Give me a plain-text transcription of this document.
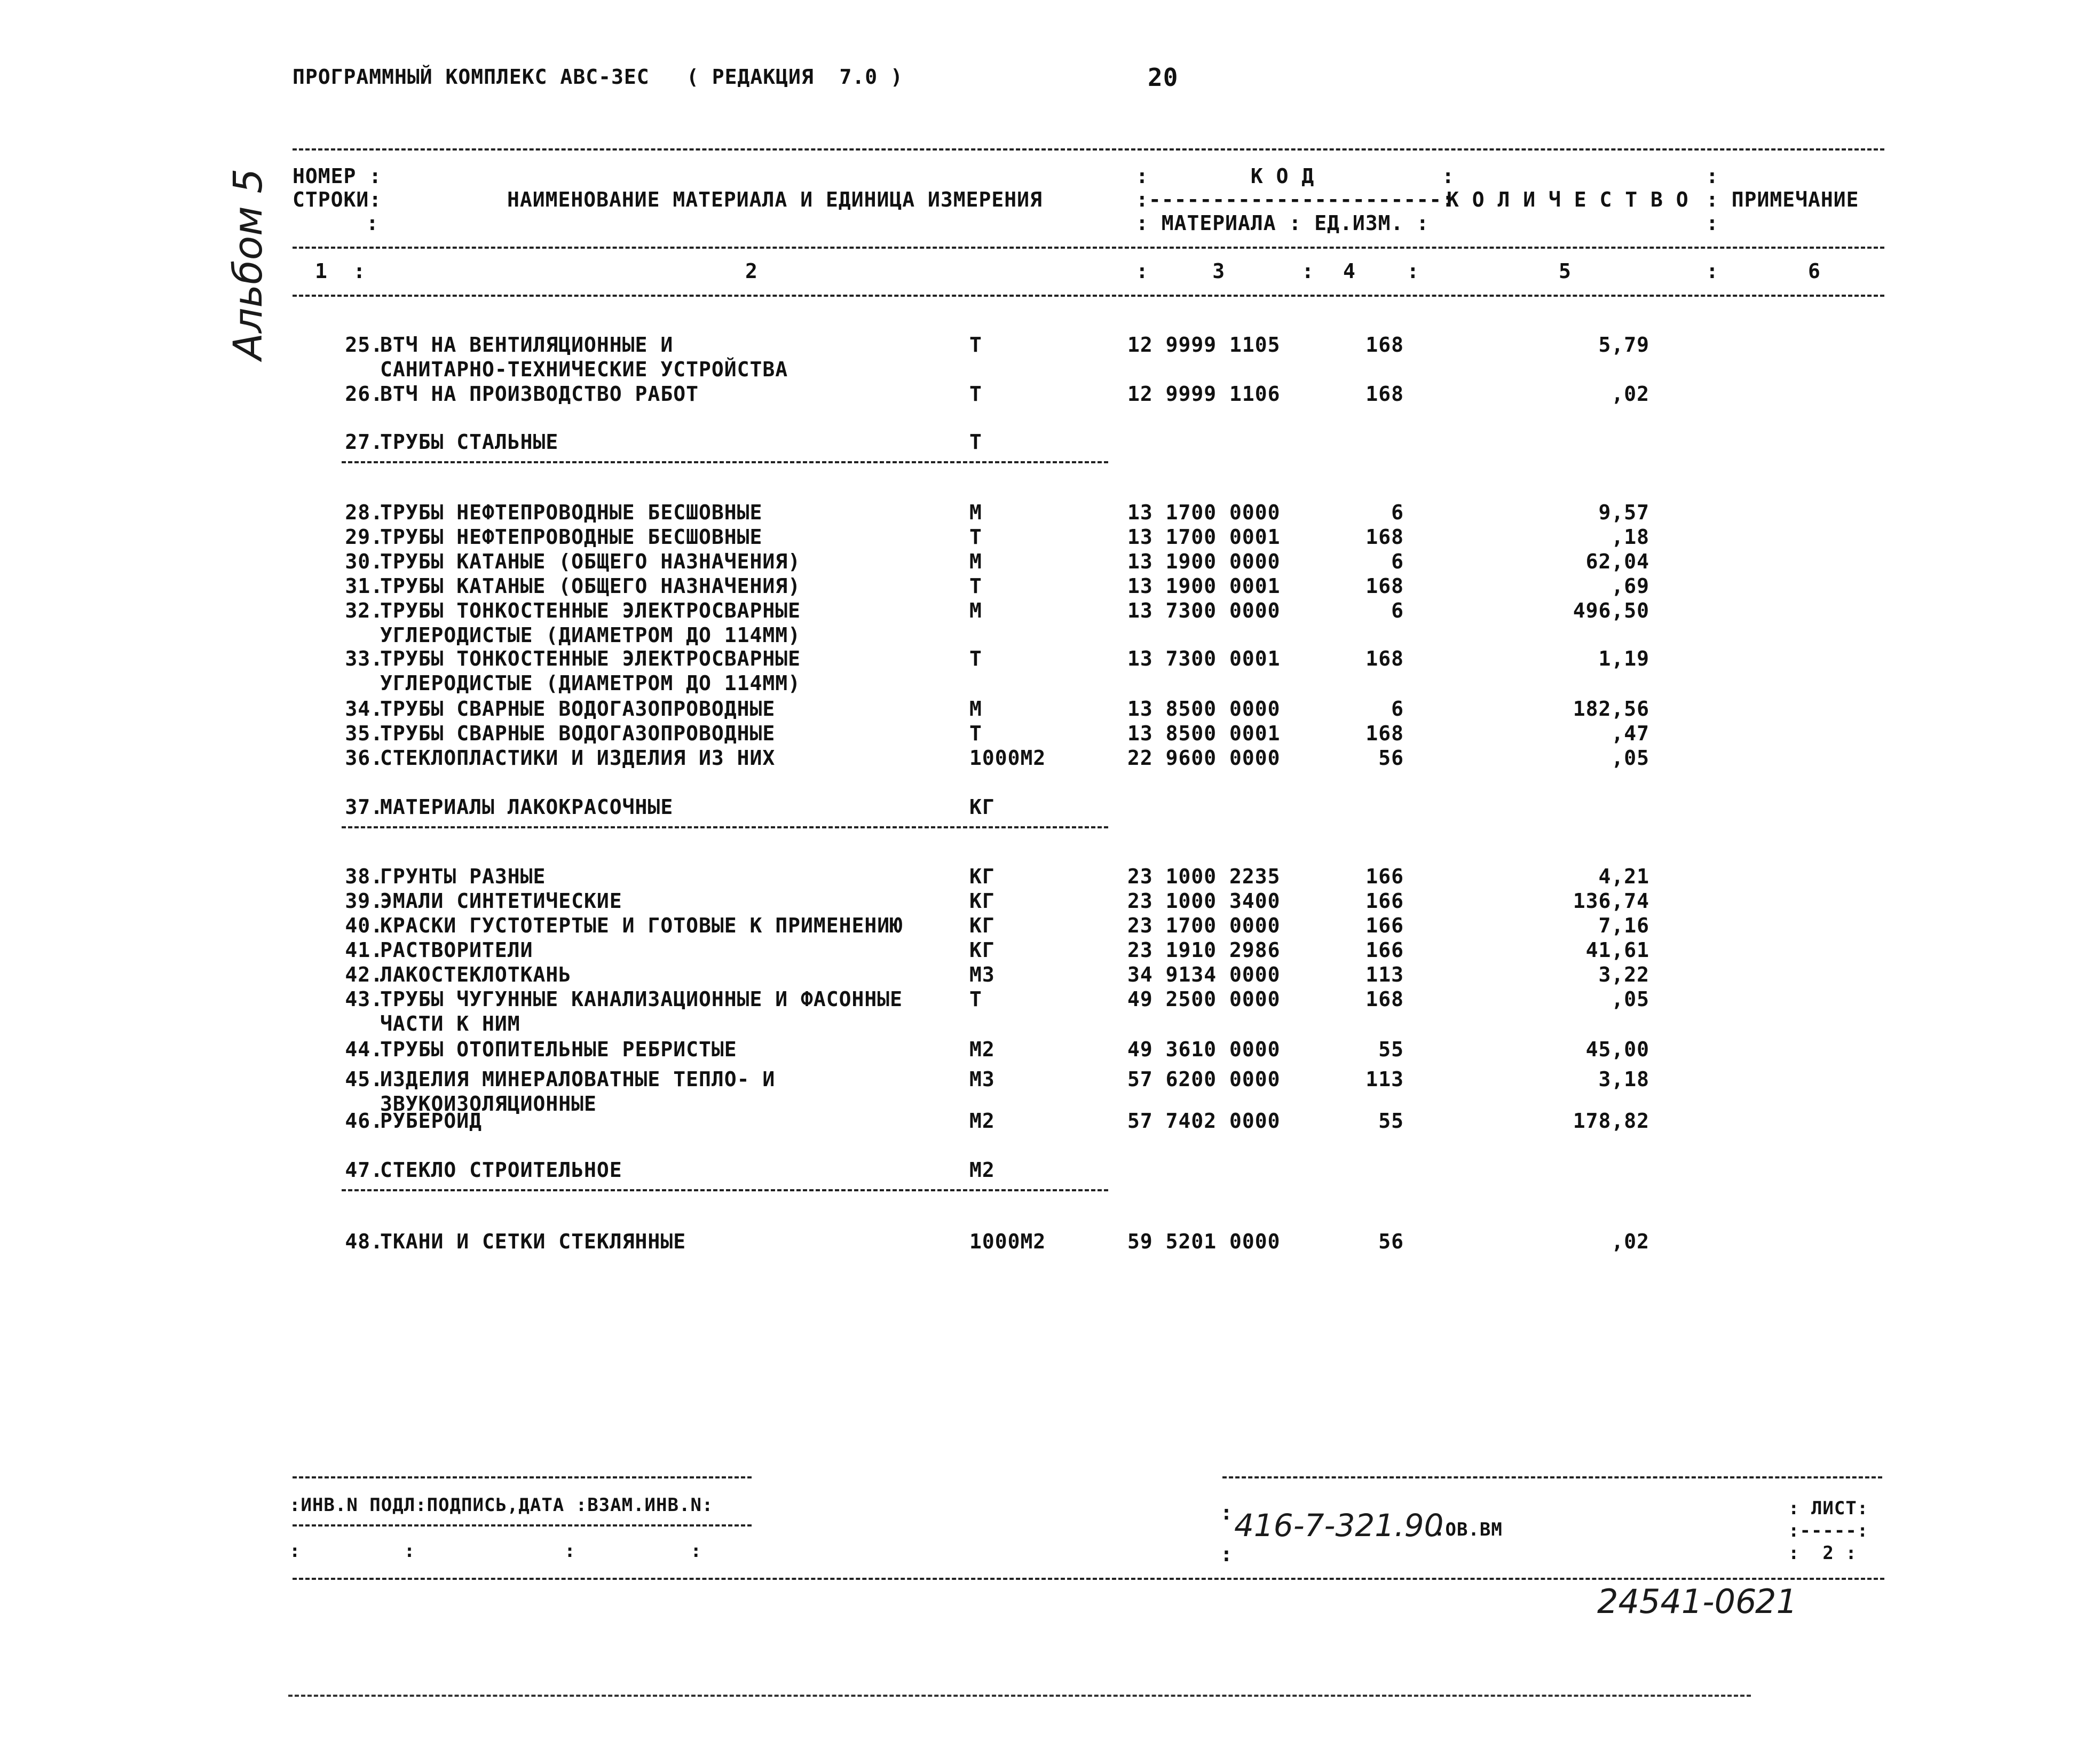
ПРОГРАММНЫЙ КОМПЛЕКС АВС-ЗЕС ( РЕДАКЦИЯ  7.0 )	20
Альбом 5 НОМЕР :
СТРОКИ:
:
НАИМЕНОВАНИЕ МАТЕРИАЛА И ЕДИНИЦА ИЗМЕРЕНИЯ
:        К О Д          :
:-----------------------:
: МАТЕРИАЛА : ЕД.ИЗМ. :
К О Л И Ч Е С Т В О
:
: ПРИМЕЧАНИЕ
:
1  :	2	:     3      : 4    :	5	:       6
25.
ВТЧ НА ВЕНТИЛЯЦИОННЫЕ И
САНИТАРНО-ТЕХНИЧЕСКИЕ УСТРОЙСТВА
Т	12 9999 1105	168	5,79
26.
ВТЧ НА ПРОИЗВОДСТВО РАБОТ	Т	12 9999 1106	168	,02
27.
ТРУБЫ СТАЛЬНЫЕ	Т
28.
ТРУБЫ НЕФТЕПРОВОДНЫЕ БЕСШОВНЫЕ	М	13 1700 0000	6	9,57
29.
ТРУБЫ НЕФТЕПРОВОДНЫЕ БЕСШОВНЫЕ	Т	13 1700 0001	168	,18
30.
ТРУБЫ КАТАНЫЕ (ОБЩЕГО НАЗНАЧЕНИЯ)	М	13 1900 0000	6	62,04
31.
ТРУБЫ КАТАНЫЕ (ОБЩЕГО НАЗНАЧЕНИЯ)	Т	13 1900 0001	168	,69
32.
ТРУБЫ ТОНКОСТЕННЫЕ ЭЛЕКТРОСВАРНЫЕ
УГЛЕРОДИСТЫЕ (ДИАМЕТРОМ ДО 114ММ)
М	13 7300 0000	6	496,50
33.
ТРУБЫ ТОНКОСТЕННЫЕ ЭЛЕКТРОСВАРНЫЕ
УГЛЕРОДИСТЫЕ (ДИАМЕТРОМ ДО 114ММ)
Т	13 7300 0001	168	1,19
34.
ТРУБЫ СВАРНЫЕ ВОДОГАЗОПРОВОДНЫЕ	М	13 8500 0000	6	182,56
35.
ТРУБЫ СВАРНЫЕ ВОДОГАЗОПРОВОДНЫЕ	Т	13 8500 0001	168	,47
36.
СТЕКЛОПЛАСТИКИ И ИЗДЕЛИЯ ИЗ НИХ	1000М2	22 9600 0000	56	,05
37.
МАТЕРИАЛЫ ЛАКОКРАСОЧНЫЕ	КГ
38.
ГРУНТЫ РАЗНЫЕ	КГ	23 1000 2235	166	4,21
39.
ЭМАЛИ СИНТЕТИЧЕСКИЕ	КГ	23 1000 3400	166	136,74
40.
КРАСКИ ГУСТОТЕРТЫЕ И ГОТОВЫЕ К ПРИМЕНЕНИЮ	КГ	23 1700 0000	166	7,16
41.
РАСТВОРИТЕЛИ	КГ	23 1910 2986	166	41,61
42.
ЛАКОСТЕКЛОТКАНЬ	М3	34 9134 0000	113	3,22
43.
ТРУБЫ ЧУГУННЫЕ КАНАЛИЗАЦИОННЫЕ И ФАСОННЫЕ
ЧАСТИ К НИМ
Т	49 2500 0000	168	,05
44.
ТРУБЫ ОТОПИТЕЛЬНЫЕ РЕБРИСТЫЕ	М2	49 3610 0000	55	45,00
45.
ИЗДЕЛИЯ МИНЕРАЛОВАТНЫЕ ТЕПЛО- И
ЗВУКОИЗОЛЯЦИОННЫЕ
М3	57 6200 0000	113	3,18
46.
РУБЕРОИД	М2	57 7402 0000	55	178,82
47.
СТЕКЛО СТРОИТЕЛЬНОЕ	М2
48.
ТКАНИ И СЕТКИ СТЕКЛЯННЫЕ	1000М2	59 5201 0000	56	,02
:ИНВ.N ПОДЛ:ПОДПИСЬ,ДАТА :ВЗАМ.ИНВ.N:
:         :             :          :
: 416-7-321.90
.ОВ.ВМ
:
: ЛИСТ:
:-----:
:  2 :
24541-06
21
